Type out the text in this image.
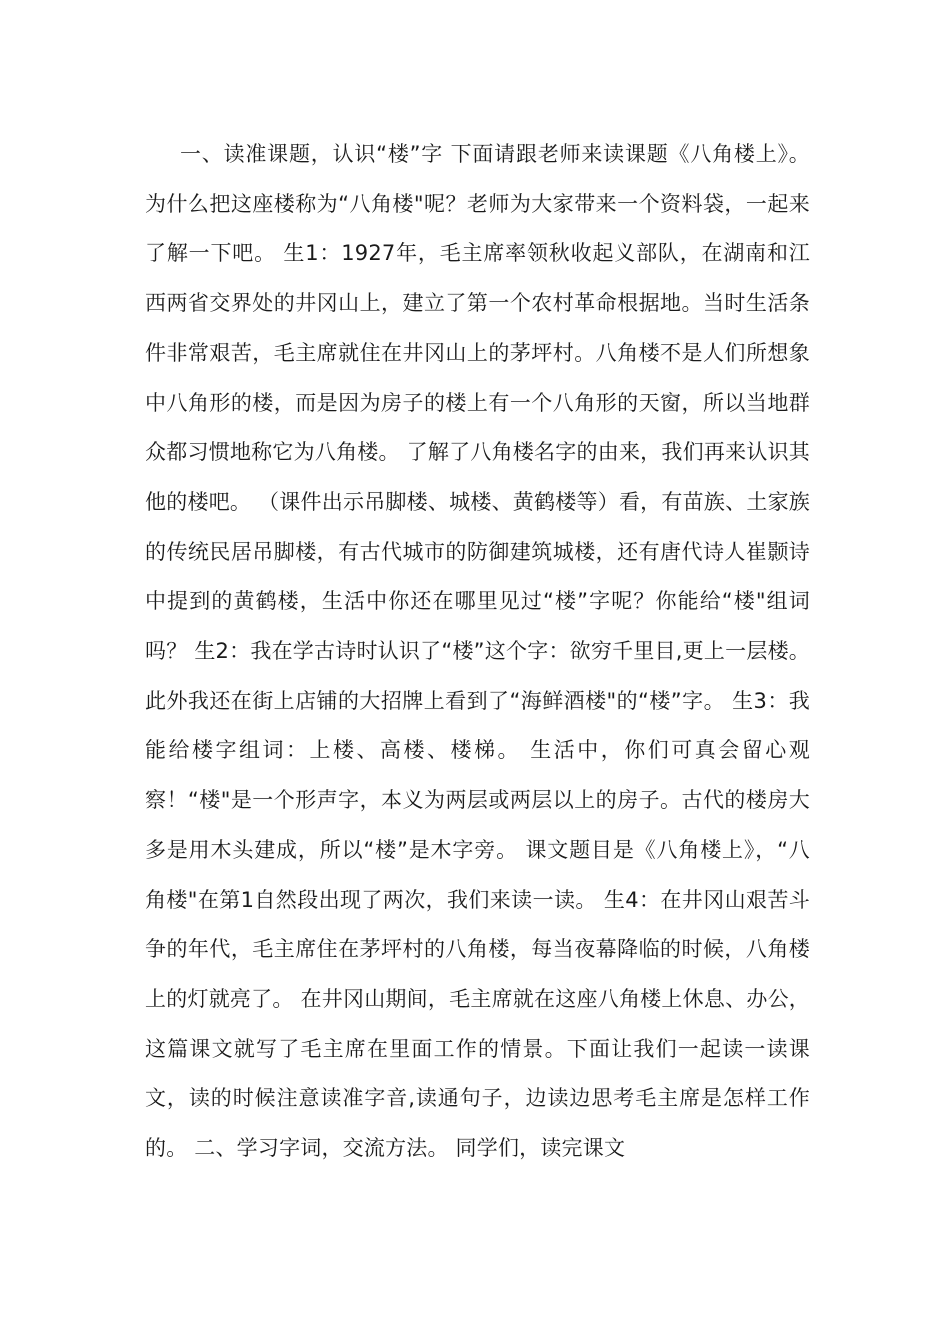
一、读准课题，认识“楼”字 下面请跟老师来读课题《八角楼上》。为什么把这座楼称为“八角楼"呢？老师为大家带来一个资料袋，一起来了解一下吧。 生1：1927年，毛主席率领秋收起义部队，在湖南和江西两省交界处的井冈山上，建立了第一个农村革命根据地。当时生活条件非常艰苦，毛主席就住在井冈山上的茅坪村。八角楼不是人们所想象中八角形的楼，而是因为房子的楼上有一个八角形的天窗，所以当地群众都习惯地称它为八角楼。 了解了八角楼名字的由来，我们再来认识其他的楼吧。 （课件出示吊脚楼、城楼、黄鹤楼等）看，有苗族、土家族的传统民居吊脚楼，有古代城市的防御建筑城楼，还有唐代诗人崔颢诗中提到的黄鹤楼，生活中你还在哪里见过“楼”字呢？你能给“楼"组词吗？ 生2：我在学古诗时认识了“楼”这个字：欲穷千里目,更上一层楼。此外我还在街上店铺的大招牌上看到了“海鲜酒楼"的“楼”字。 生3：我能给楼字组词：上楼、高楼、楼梯。 生活中，你们可真会留心观察！“楼"是一个形声字，本义为两层或两层以上的房子。古代的楼房大多是用木头建成，所以“楼”是木字旁。 课文题目是《八角楼上》，“八角楼"在第1自然段出现了两次，我们来读一读。 生4：在井冈山艰苦斗争的年代，毛主席住在茅坪村的八角楼，每当夜幕降临的时候，八角楼上的灯就亮了。 在井冈山期间，毛主席就在这座八角楼上休息、办公，这篇课文就写了毛主席在里面工作的情景。下面让我们一起读一读课文，读的时候注意读准字音,读通句子，边读边思考毛主席是怎样工作的。 二、学习字词，交流方法。 同学们，读完课文
